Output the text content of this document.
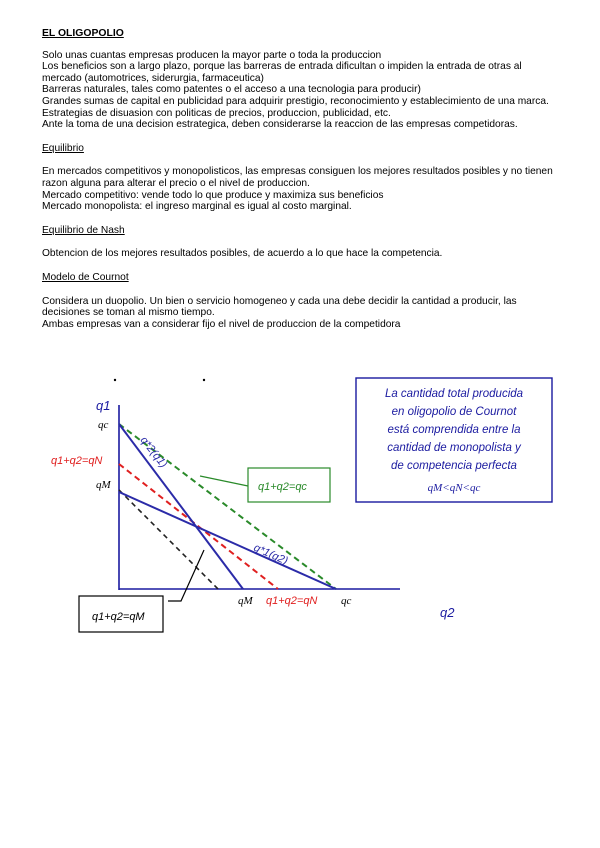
EL OLIGOPOLIO

Solo unas cuantas empresas producen la mayor parte o toda la produccion

Los beneficios son a largo plazo, porque las barreras de entrada dificultan o impiden la entrada de otras al mercado (automotrices, siderurgia, farmaceutica)

Barreras naturales, tales como patentes o el acceso a una tecnologia para producir)

Grandes sumas de capital en publicidad para adquirir prestigio, reconocimiento y establecimiento de una marca.

Estrategias de disuasion con politicas de precios, produccion, publicidad, etc.

Ante la toma de una decision estrategica, deben considerarse la reaccion de las empresas competidoras.

Equilibrio

En mercados competitivos y monopolisticos, las empresas consiguen los mejores resultados posibles y no tienen razon alguna para alterar el precio o el nivel de produccion.

Mercado competitivo: vende todo lo que produce y maximiza sus beneficios

Mercado monopolista: el ingreso marginal es igual al costo marginal.

Equilibrio de Nash

Obtencion de los mejores resultados posibles, de acuerdo a lo que hace la competencia.

Modelo de Cournot

Considera un duopolio. Un bien o servicio homogeneo y cada una debe decidir la cantidad a producir, las decisiones se toman al mismo tiempo.

Ambas empresas van a considerar fijo el nivel de produccion de la competidora

q1
q2
q*2(q1)
q*1(q2)
qc
q1+q2=qN
qM
qM q1+q2=qN qc
q1+q2=qc
q1+q2=qM
La cantidad total producida
en oligopolio de Cournot
está comprendida entre la
cantidad de monopolista y
de competencia perfecta
qM<qN<qc
